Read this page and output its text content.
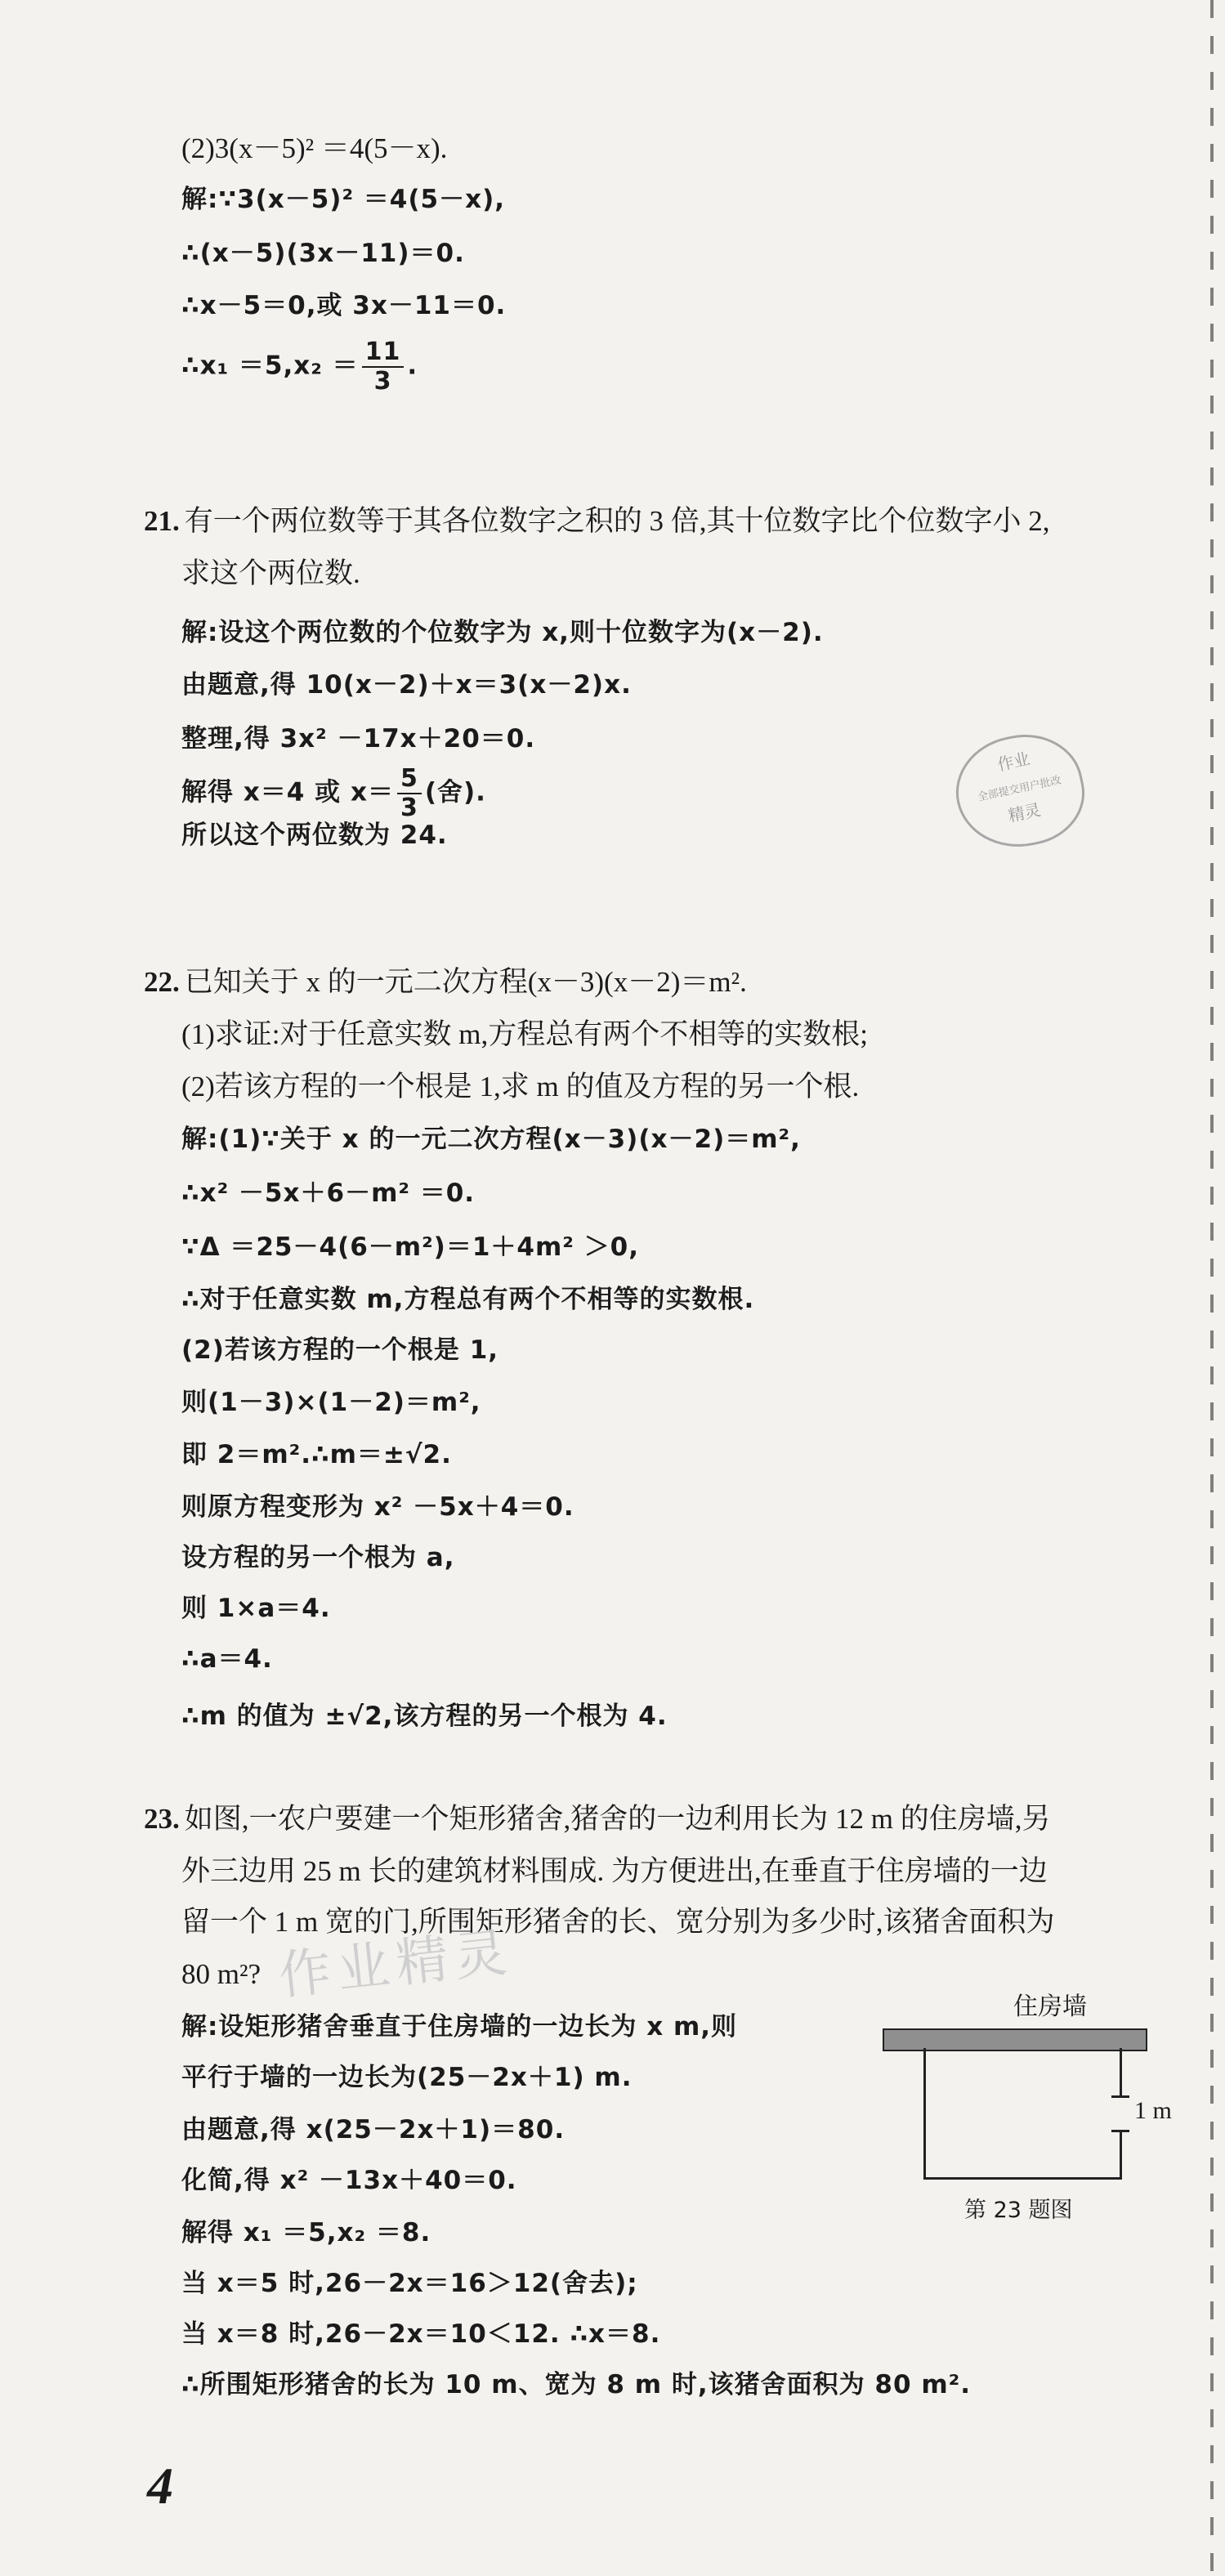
(2)3(x－5)² ＝4(5－x).
解:∵3(x－5)² ＝4(5－x),
∴(x－5)(3x－11)＝0.
∴x－5＝0,或 3x－11＝0.
∴x₁ $=5,x_2 = \frac{11}{3}$ .
21. 有一个两位数等于其各位数字之积的 3 倍,其十位数字比个位数字小 2,
求这个两位数.
解:设这个两位数的个位数字为 x,则十位数字为(x－2).
由题意,得 10(x－2)＋x＝3(x－2)x.
整理,得 3x² －17x＋20＝0.
解得 x＝4 或 $x= \frac{5}{3}$ (舍).
所以这个两位数为 24.
作业
全部提交用户批改
精灵
22. 已知关于 x 的一元二次方程(x－3)(x－2)＝m².
(1)求证:对于任意实数 m,方程总有两个不相等的实数根;
(2)若该方程的一个根是 1,求 m 的值及方程的另一个根.
解:(1)∵关于 x 的一元二次方程(x－3)(x－2)＝m²,
∴x² －5x＋6－m² ＝0.
∵Δ ＝25－4(6－m²)＝1＋4m² ＞0,
∴对于任意实数 m,方程总有两个不相等的实数根.
(2)若该方程的一个根是 1,
则(1－3)×(1－2)＝m²,
即 2＝m².∴m＝±√2.
则原方程变形为 x² －5x＋4＝0.
设方程的另一个根为 a,
则 1×a＝4.
∴a＝4.
∴m 的值为 ±√2,该方程的另一个根为 4.
23. 如图,一农户要建一个矩形猪舍,猪舍的一边利用长为 12 m 的住房墙,另
外三边用 25 m 长的建筑材料围成. 为方便进出,在垂直于住房墙的一边
留一个 1 m 宽的门,所围矩形猪舍的长、宽分别为多少时,该猪舍面积为
80 m²? 作业精灵
解:设矩形猪舍垂直于住房墙的一边长为 x m,则
平行于墙的一边长为(25－2x＋1) m.
由题意,得 x(25－2x＋1)＝80.
化简,得 x² －13x＋40＝0.
解得 x₁ ＝5,x₂ ＝8.
当 x＝5 时,26－2x＝16＞12(舍去);
当 x＝8 时,26－2x＝10＜12. ∴x＝8.
∴所围矩形猪舍的长为 10 m、宽为 8 m 时,该猪舍面积为 80 m².
住房墙
1 m
第 23 题图
4
